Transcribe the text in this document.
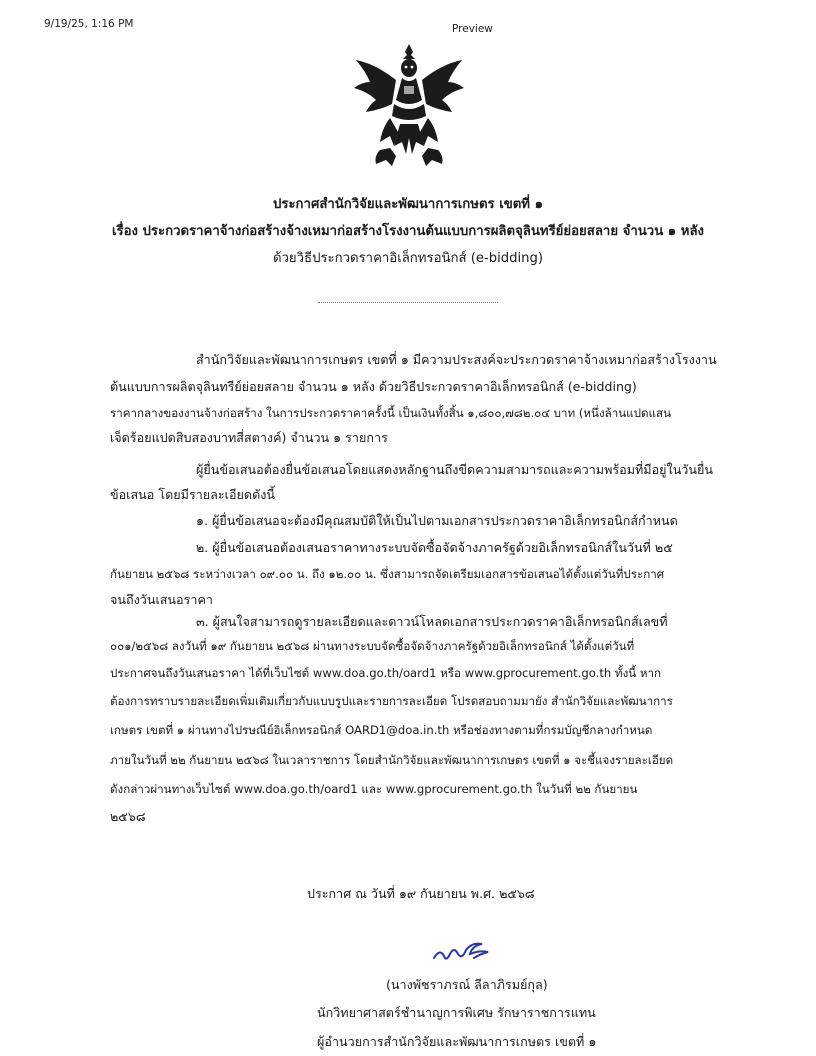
9/19/25, 1:16 PM	Preview
ประกาศสำนักวิจัยและพัฒนาการเกษตร เขตที่ ๑
เรื่อง ประกวดราคาจ้างก่อสร้างจ้างเหมาก่อสร้างโรงงานต้นแบบการผลิตจุลินทรีย์ย่อยสลาย จำนวน ๑ หลัง
ด้วยวิธีประกวดราคาอิเล็กทรอนิกส์ (e-bidding)
สำนักวิจัยและพัฒนาการเกษตร เขตที่ ๑ มีความประสงค์จะประกวดราคาจ้างเหมาก่อสร้างโรงงาน
ต้นแบบการผลิตจุลินทรีย์ย่อยสลาย จำนวน ๑ หลัง ด้วยวิธีประกวดราคาอิเล็กทรอนิกส์ (e-bidding)
ราคากลางของงานจ้างก่อสร้าง ในการประกวดราคาครั้งนี้ เป็นเงินทั้งสิ้น ๑,๘๐๐,๗๘๒.๐๔ บาท (หนึ่งล้านแปดแสน
เจ็ดร้อยแปดสิบสองบาทสี่สตางค์) จำนวน ๑ รายการ
ผู้ยื่นข้อเสนอต้องยื่นข้อเสนอโดยแสดงหลักฐานถึงขีดความสามารถและความพร้อมที่มีอยู่ในวันยื่น
ข้อเสนอ โดยมีรายละเอียดดังนี้
๑. ผู้ยื่นข้อเสนอจะต้องมีคุณสมบัติให้เป็นไปตามเอกสารประกวดราคาอิเล็กทรอนิกส์กำหนด
๒. ผู้ยื่นข้อเสนอต้องเสนอราคาทางระบบจัดซื้อจัดจ้างภาครัฐด้วยอิเล็กทรอนิกส์ในวันที่ ๒๕
กันยายน ๒๕๖๘ ระหว่างเวลา ๐๙.๐๐ น. ถึง ๑๒.๐๐ น. ซึ่งสามารถจัดเตรียมเอกสารข้อเสนอได้ตั้งแต่วันที่ประกาศ
จนถึงวันเสนอราคา
๓. ผู้สนใจสามารถดูรายละเอียดและดาวน์โหลดเอกสารประกวดราคาอิเล็กทรอนิกส์เลขที่
๐๐๑/๒๕๖๘ ลงวันที่ ๑๙ กันยายน ๒๕๖๘ ผ่านทางระบบจัดซื้อจัดจ้างภาครัฐด้วยอิเล็กทรอนิกส์ ได้ตั้งแต่วันที่
ประกาศจนถึงวันเสนอราคา ได้ที่เว็บไซต์ www.doa.go.th/oard1 หรือ www.gprocurement.go.th ทั้งนี้ หาก
ต้องการทราบรายละเอียดเพิ่มเติมเกี่ยวกับแบบรูปและรายการละเอียด โปรดสอบถามมายัง สำนักวิจัยและพัฒนาการ
เกษตร เขตที่ ๑ ผ่านทางไปรษณีย์อิเล็กทรอนิกส์ OARD1@doa.in.th หรือช่องทางตามที่กรมบัญชีกลางกำหนด
ภายในวันที่ ๒๒ กันยายน ๒๕๖๘ ในเวลาราชการ โดยสำนักวิจัยและพัฒนาการเกษตร เขตที่ ๑ จะชี้แจงรายละเอียด
ดังกล่าวผ่านทางเว็บไซต์ www.doa.go.th/oard1 และ www.gprocurement.go.th ในวันที่ ๒๒ กันยายน
๒๕๖๘
ประกาศ ณ วันที่ ๑๙ กันยายน พ.ศ. ๒๕๖๘
(นางพัชราภรณ์ ลีลาภิรมย์กุล)
นักวิทยาศาสตร์ชำนาญการพิเศษ รักษาราชการแทน
ผู้อำนวยการสำนักวิจัยและพัฒนาการเกษตร เขตที่ ๑
